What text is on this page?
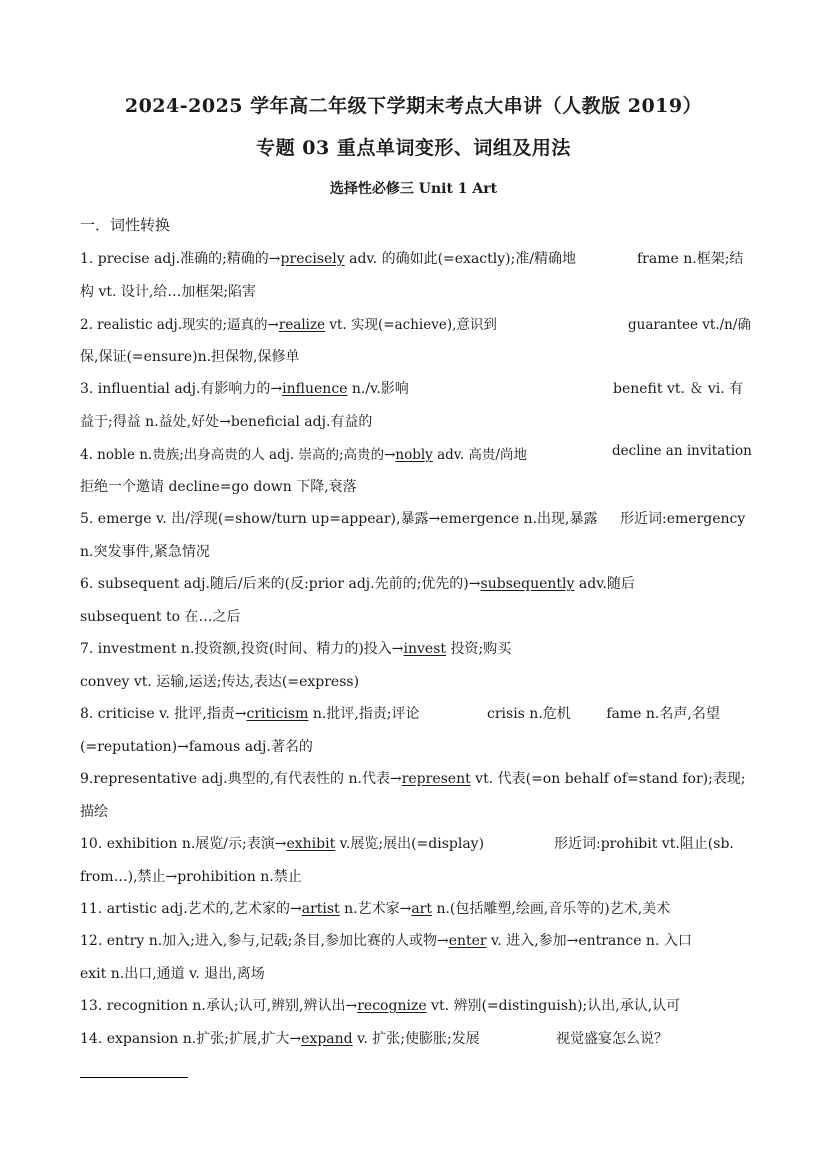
2024-2025 学年高二年级下学期末考点大串讲（人教版 2019）
专题 03 重点单词变形、词组及用法
选择性必修三 Unit 1 Art
一．词性转换
1. precise adj.准确的;精确的→precisely adv. 的确如此(=exactly);准/精确地	frame n.框架;结
构 vt. 设计,给…加框架;陷害
2. realistic adj.现实的;逼真的→realize vt. 实现(=achieve),意识到	guarantee vt./n/确
保,保证(=ensure)n.担保物,保修单
3. influential adj.有影响力的→influence n./v.影响	benefit vt. ＆ vi. 有
益于;得益 n.益处,好处→beneficial adj.有益的
4. noble n.贵族;出身高贵的人 adj. 崇高的;高贵的→nobly adv. 高贵/尚地	decline an invitation
拒绝一个邀请 decline=go down 下降,衰落
5. emerge v. 出/浮现(=show/turn up=appear),暴露→emergence n.出现,暴露 形近词:emergency
n.突发事件,紧急情况
6. subsequent adj.随后/后来的(反:prior adj.先前的;优先的)→subsequently adv.随后
subsequent to 在…之后
7. investment n.投资额,投资(时间、精力的)投入→invest 投资;购买
convey vt. 运输,运送;传达,表达(=express)
8. criticise v. 批评,指责→criticism n.批评,指责;评论	crisis n.危机        fame n.名声,名望
(=reputation)→famous adj.著名的
9.representative adj.典型的,有代表性的 n.代表→represent vt. 代表(=on behalf of=stand for);表现;
描绘
10. exhibition n.展览/示;表演→exhibit v.展览;展出(=display)	形近词:prohibit vt.阻止(sb.
from…),禁止→prohibition n.禁止
11. artistic adj.艺术的,艺术家的→artist n.艺术家→art n.(包括雕塑,绘画,音乐等的)艺术,美术
12. entry n.加入;进入,参与,记载;条目,参加比赛的人或物→enter v. 进入,参加→entrance n. 入口
exit n.出口,通道 v. 退出,离场
13. recognition n.承认;认可,辨别,辨认出→recognize vt. 辨别(=distinguish);认出,承认,认可
14. expansion n.扩张;扩展,扩大→expand v. 扩张;使膨胀;发展	视觉盛宴怎么说？
